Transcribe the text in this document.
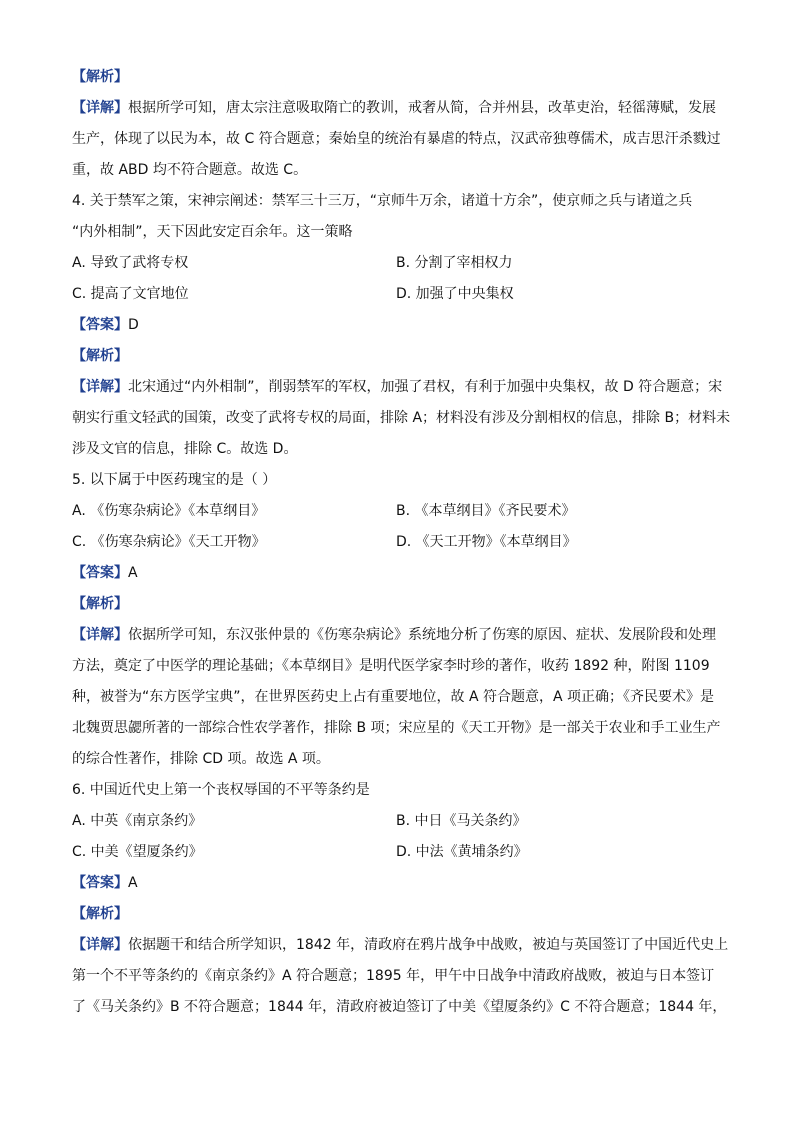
【解析】
【详解】根据所学可知，唐太宗注意吸取隋亡的教训，戒奢从简，合并州县，改革吏治，轻徭薄赋，发展
生产，体现了以民为本，故 C 符合题意；秦始皇的统治有暴虐的特点，汉武帝独尊儒术，成吉思汗杀戮过
重，故 ABD 均不符合题意。故选 C。
4. 关于禁军之策，宋神宗阐述：禁军三十三万，“京师牛万余，诸道十方余”，使京师之兵与诸道之兵
“内外相制”，天下因此安定百余年。这一策略
A. 导致了武将专权	B. 分割了宰相权力
C. 提高了文官地位	D. 加强了中央集权
【答案】D
【解析】
【详解】北宋通过“内外相制”，削弱禁军的军权，加强了君权，有利于加强中央集权，故 D 符合题意；宋
朝实行重文轻武的国策，改变了武将专权的局面，排除 A；材料没有涉及分割相权的信息，排除 B；材料未
涉及文官的信息，排除 C。故选 D。
5. 以下属于中医药瑰宝的是（ ）
A. 《伤寒杂病论》《本草纲目》	B. 《本草纲目》《齐民要术》
C. 《伤寒杂病论》《天工开物》	D. 《天工开物》《本草纲目》
【答案】A
【解析】
【详解】依据所学可知，东汉张仲景的《伤寒杂病论》系统地分析了伤寒的原因、症状、发展阶段和处理
方法，奠定了中医学的理论基础；《本草纲目》是明代医学家李时珍的著作，收药 1892 种，附图 1109
种，被誉为“东方医学宝典”，在世界医药史上占有重要地位，故 A 符合题意，A 项正确；《齐民要术》是
北魏贾思勰所著的一部综合性农学著作，排除 B 项；宋应星的《天工开物》是一部关于农业和手工业生产
的综合性著作，排除 CD 项。故选 A 项。
6. 中国近代史上第一个丧权辱国的不平等条约是
A. 中英《南京条约》	B. 中日《马关条约》
C. 中美《望厦条约》	D. 中法《黄埔条约》
【答案】A
【解析】
【详解】依据题干和结合所学知识，1842 年，清政府在鸦片战争中战败，被迫与英国签订了中国近代史上
第一个不平等条约的《南京条约》A 符合题意；1895 年，甲午中日战争中清政府战败，被迫与日本签订
了《马关条约》B 不符合题意；1844 年，清政府被迫签订了中美《望厦条约》C 不符合题意；1844 年，
